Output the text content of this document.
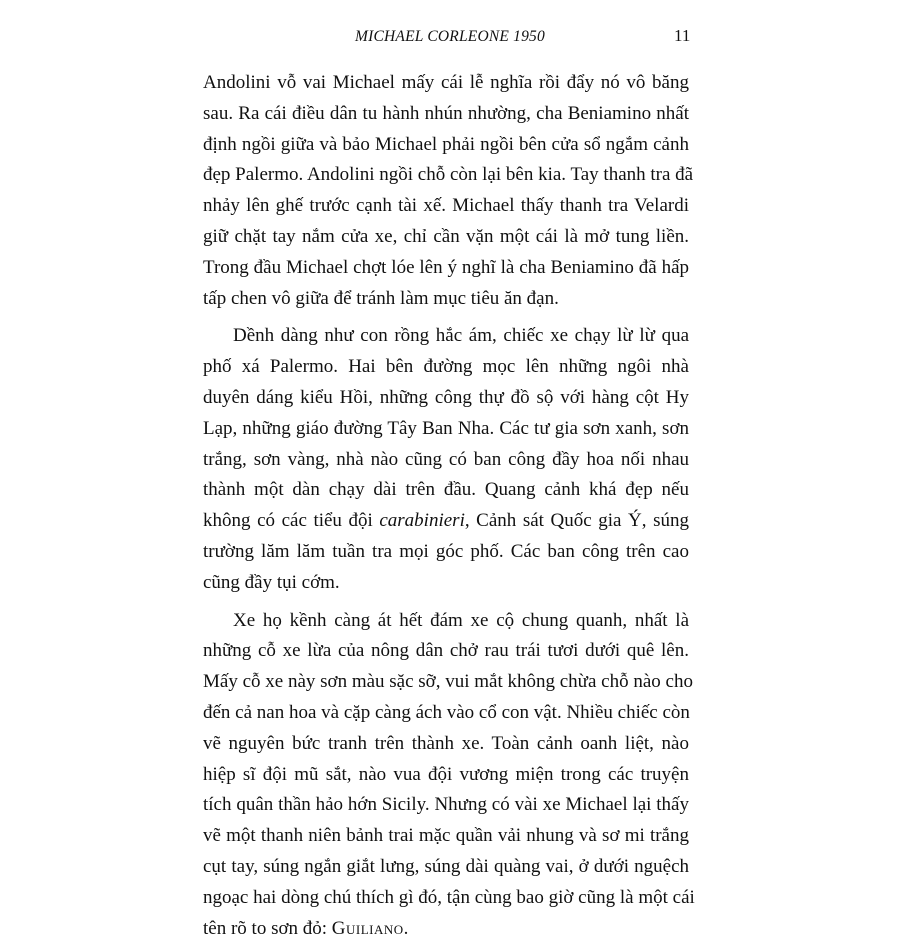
MICHAEL CORLEONE 1950	11
Andolini vỗ vai Michael mấy cái lễ nghĩa rồi đẩy nó vô băng
sau. Ra cái điều dân tu hành nhún nhường, cha Beniamino nhất
định ngồi giữa và bảo Michael phải ngồi bên cửa sổ ngắm cảnh
đẹp Palermo. Andolini ngồi chỗ còn lại bên kia. Tay thanh tra đã
nhảy lên ghế trước cạnh tài xế. Michael thấy thanh tra Velardi
giữ chặt tay nắm cửa xe, chỉ cần vặn một cái là mở tung liền.
Trong đầu Michael chợt lóe lên ý nghĩ là cha Beniamino đã hấp
tấp chen vô giữa để tránh làm mục tiêu ăn đạn.
Dềnh dàng như con rồng hắc ám, chiếc xe chạy lừ lừ qua
phố xá Palermo. Hai bên đường mọc lên những ngôi nhà
duyên dáng kiểu Hồi, những công thự đồ sộ với hàng cột Hy
Lạp, những giáo đường Tây Ban Nha. Các tư gia sơn xanh, sơn
trắng, sơn vàng, nhà nào cũng có ban công đầy hoa nối nhau
thành một dàn chạy dài trên đầu. Quang cảnh khá đẹp nếu
không có các tiểu đội carabinieri, Cảnh sát Quốc gia Ý, súng
trường lăm lăm tuần tra mọi góc phố. Các ban công trên cao
cũng đầy tụi cớm.
Xe họ kềnh càng át hết đám xe cộ chung quanh, nhất là
những cỗ xe lừa của nông dân chở rau trái tươi dưới quê lên.
Mấy cỗ xe này sơn màu sặc sỡ, vui mắt không chừa chỗ nào cho
đến cả nan hoa và cặp càng ách vào cổ con vật. Nhiều chiếc còn
vẽ nguyên bức tranh trên thành xe. Toàn cảnh oanh liệt, nào
hiệp sĩ đội mũ sắt, nào vua đội vương miện trong các truyện
tích quân thần hảo hớn Sicily. Nhưng có vài xe Michael lại thấy
vẽ một thanh niên bảnh trai mặc quần vải nhung và sơ mi trắng
cụt tay, súng ngắn giắt lưng, súng dài quàng vai, ở dưới nguệch
ngoạc hai dòng chú thích gì đó, tận cùng bao giờ cũng là một cái
tên rõ to sơn đỏ: Guiliano.
